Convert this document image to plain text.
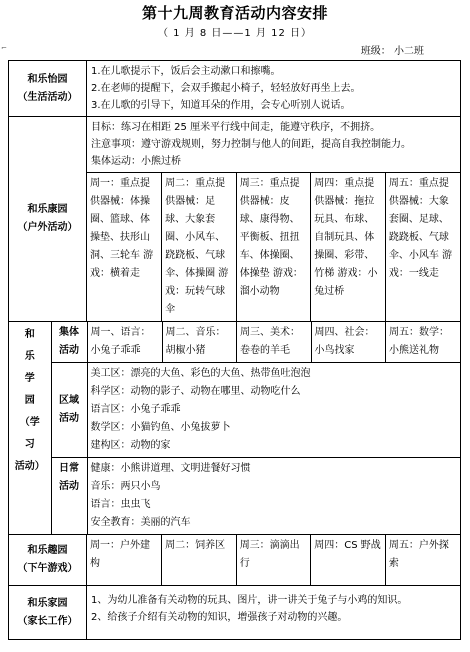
第十九周教育活动内容安排
（ 1 月 8 日——1 月 12 日）
班级： 小二班
⌐
和乐怡园
（生活活动）

1.在儿歌提示下，饭后会主动漱口和擦嘴。
2.在老师的提醒下，会双手搬起小椅子，轻轻放好再坐上去。
3.在儿歌的引导下，知道耳朵的作用，会专心听别人说话。

和乐康园
（户外活动）

目标：练习在相距 25 厘米平行线中间走，能遵守秩序，不拥挤。
注意事项：遵守游戏规则，努力控制与他人的间距，提高自我控制能力。
集体运动：小熊过桥
周一：重点提供器械：体操圈、篮球、体操垫、扶形山洞、三轮车 游戏：横着走	周二：重点提供器械：足球、大象套圈、小风车、跷跷板、气球伞、体操圈 游戏：玩转气球伞	周三：重点提供器械：皮球、康得物、平衡板、扭扭车、体操圈、体操垫 游戏：溜小动物	周四：重点提供器械：拖拉玩具、布球、自制玩具、体操圈、彩带、竹梯 游戏：小兔过桥	周五：重点提供器械：大象套圈、足球、跷跷板、气球伞、小风车 游戏：一线走

和
乐
学
园
（学
习
活动）

集体
活动

周一、语言：小兔子乖乖	周二、音乐：胡椒小猪	周三、美术：卷卷的羊毛	周四、社会：小鸟找家	周五：数学：小熊送礼物

区域
活动

美工区：漂亮的大鱼、彩色的大鱼、热带鱼吐泡泡
科学区：动物的影子、动物在哪里、动物吃什么
语言区：小兔子乖乖
数学区：小猫钓鱼、小兔拔萝卜
建构区：动物的家

日常
活动

健康：小熊讲道理、文明进餐好习惯
音乐：两只小鸟
语言：虫虫飞
安全教育：美丽的汽车

和乐趣园
（下午游戏）

周一：户外建构	周二：饲养区	周三：滴滴出行	周四：CS 野战	周五：户外探索

和乐家园
（家长工作）

1、为幼儿准备有关动物的玩具、图片，讲一讲关于兔子与小鸡的知识。
2、给孩子介绍有关动物的知识，增强孩子对动物的兴趣。
